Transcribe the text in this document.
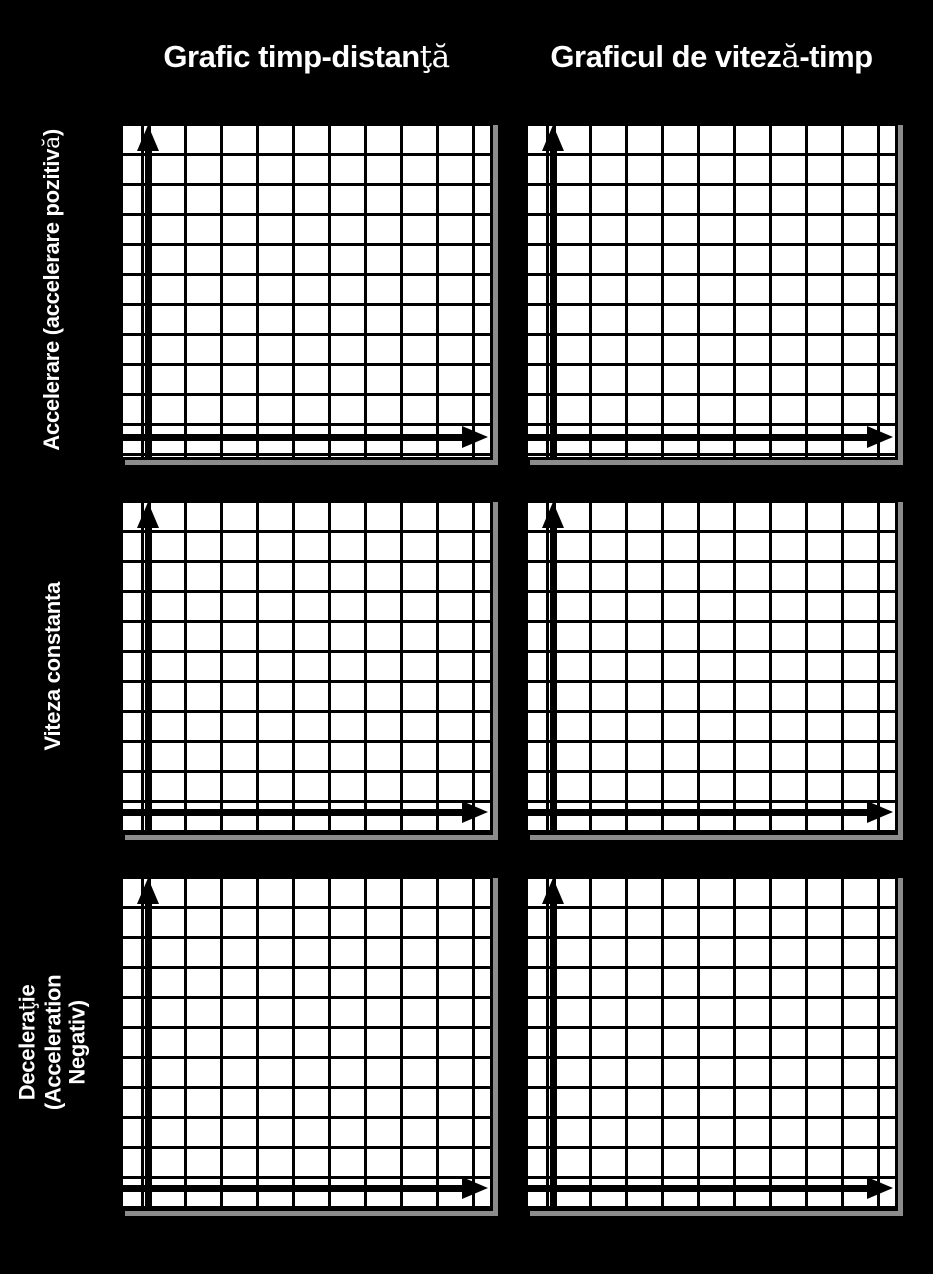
Grafic timp-distanţă	Graficul de viteză-timp
Accelerare (accelerare pozitivă)
Viteza constanta
Deceleraţie (Acceleration Negativ)
